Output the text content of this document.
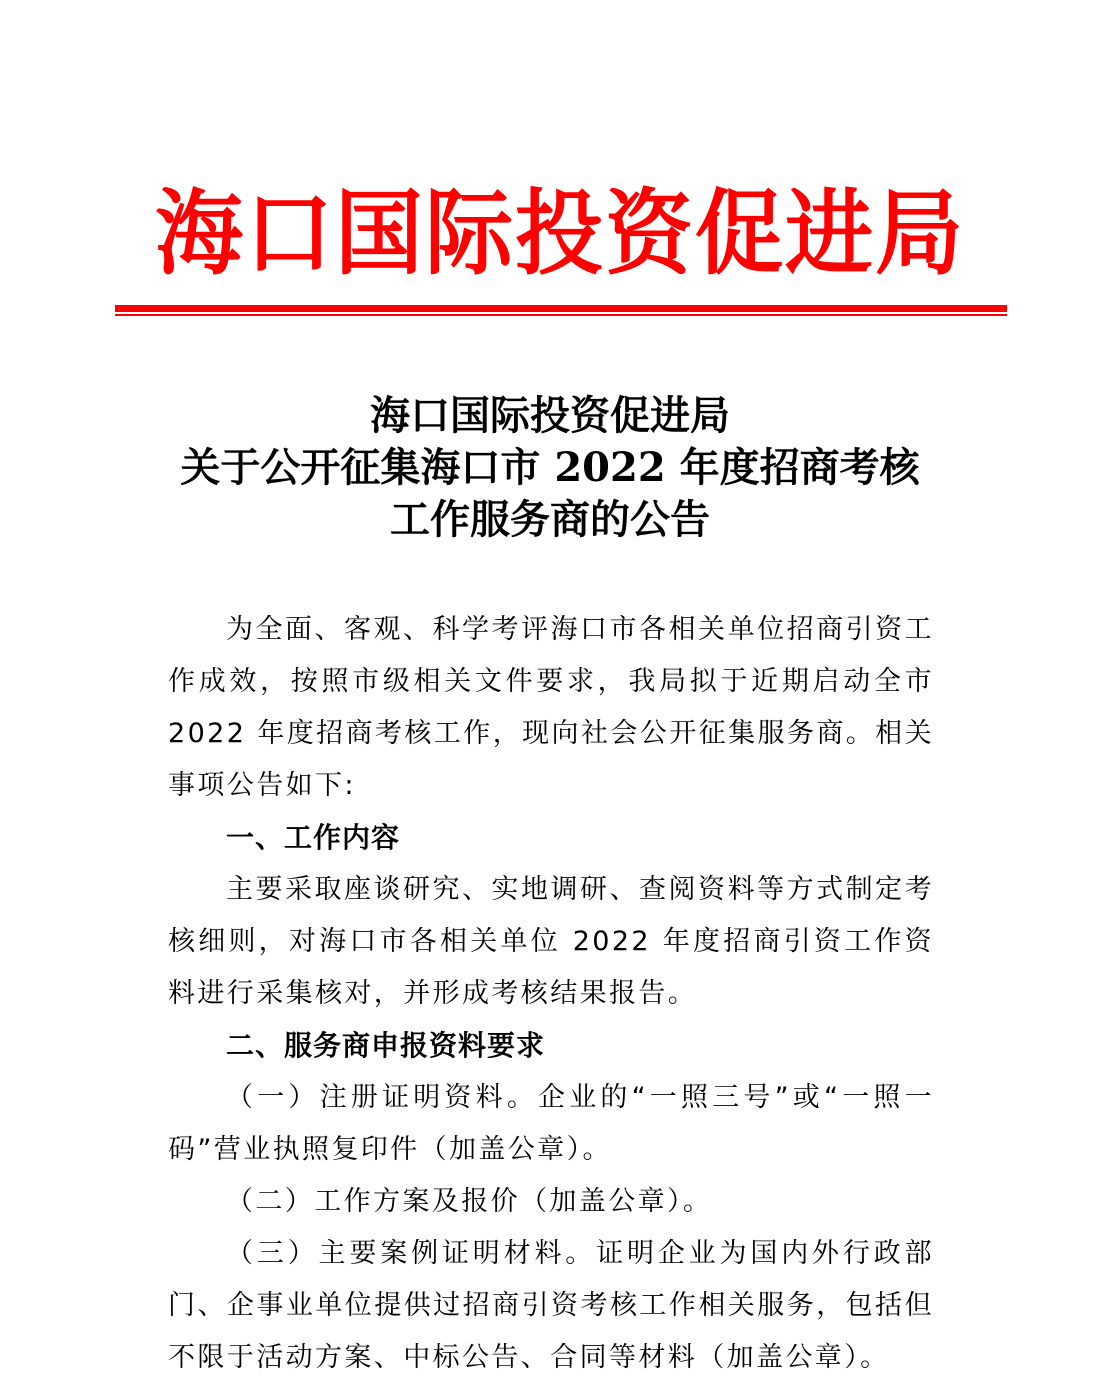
海口国际投资促进局
海口国际投资促进局
关于公开征集海口市 2022 年度招商考核
工作服务商的公告

为全面、客观、科学考评海口市各相关单位招商引资工作成效，按照市级相关文件要求，我局拟于近期启动全市 2022 年度招商考核工作，现向社会公开征集服务商。相关事项公告如下:

一、工作内容

主要采取座谈研究、实地调研、查阅资料等方式制定考核细则，对海口市各相关单位 2022 年度招商引资工作资料进行采集核对，并形成考核结果报告。

二、服务商申报资料要求

（一）注册证明资料。企业的“一照三号”或“一照一码”营业执照复印件（加盖公章）。

（二）工作方案及报价（加盖公章）。

（三）主要案例证明材料。证明企业为国内外行政部门、企事业单位提供过招商引资考核工作相关服务，包括但不限于活动方案、中标公告、合同等材料（加盖公章）。
